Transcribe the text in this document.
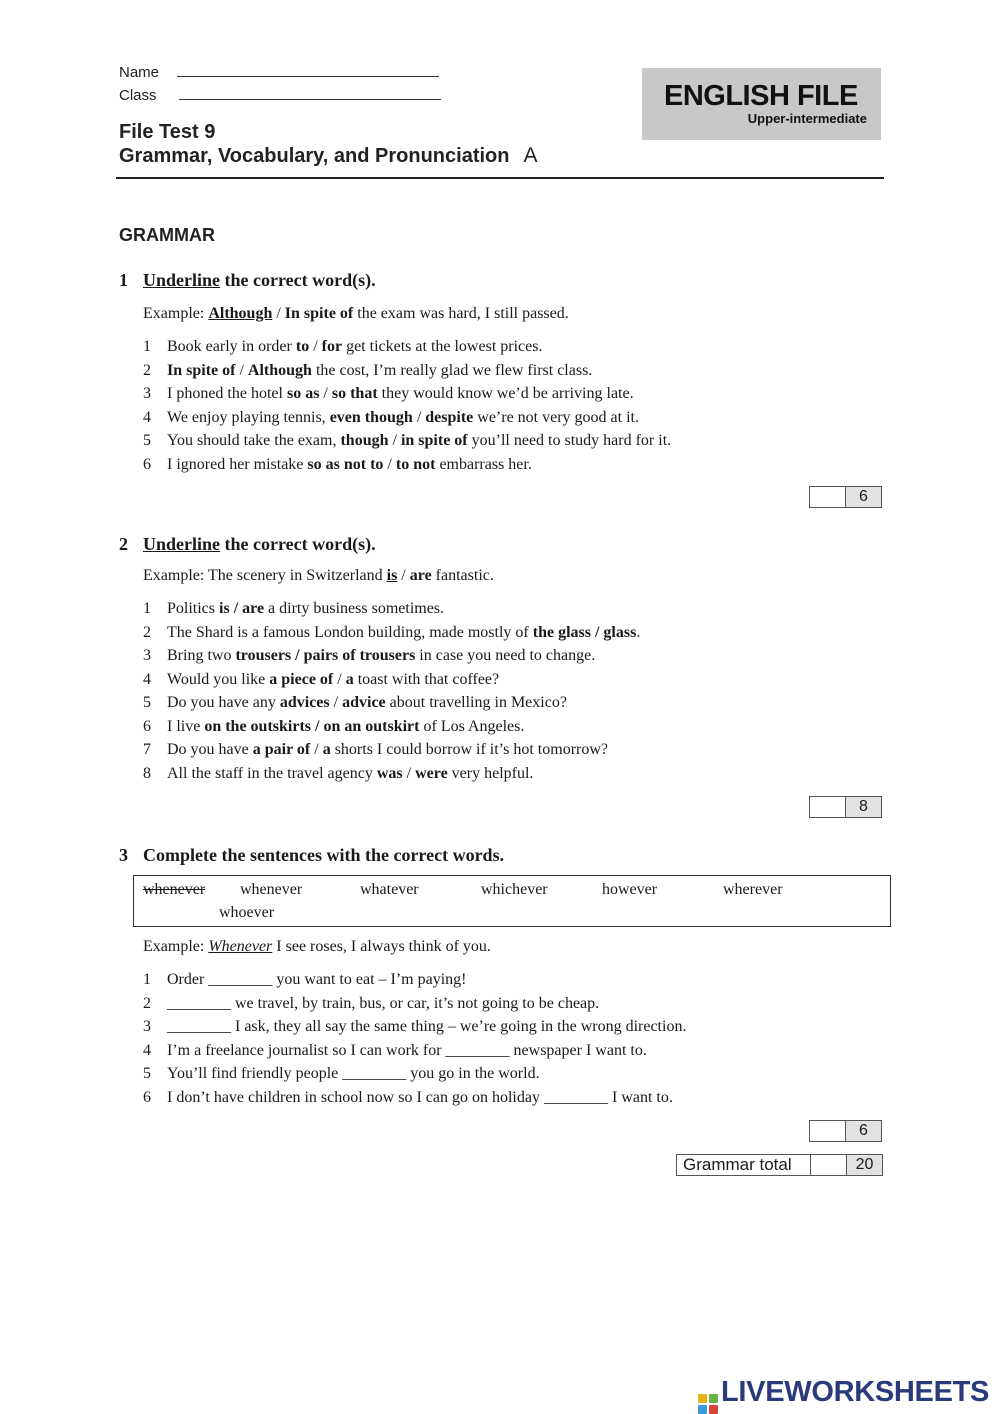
Name
Class
File Test 9
Grammar, Vocabulary, and Pronunciation A
ENGLISH FILE
Upper-intermediate
GRAMMAR
1 Underline the correct word(s).
Example: Although / In spite of the exam was hard, I still passed.
1 Book early in order to / for get tickets at the lowest prices.
2 In spite of / Although the cost, I’m really glad we flew first class.
3 I phoned the hotel so as / so that they would know we’d be arriving late.
4 We enjoy playing tennis, even though / despite we’re not very good at it.
5 You should take the exam, though / in spite of you’ll need to study hard for it.
6 I ignored her mistake so as not to / to not embarrass her.
6
2 Underline the correct word(s).
Example: The scenery in Switzerland is / are fantastic.
1 Politics is / are a dirty business sometimes.
2 The Shard is a famous London building, made mostly of the glass / glass.
3 Bring two trousers / pairs of trousers in case you need to change.
4 Would you like a piece of / a toast with that coffee?
5 Do you have any advices / advice about travelling in Mexico?
6 I live on the outskirts / on an outskirt of Los Angeles.
7 Do you have a pair of / a shorts I could borrow if it’s hot tomorrow?
8 All the staff in the travel agency was / were very helpful.
8
3 Complete the sentences with the correct words.
whenever whenever	whatever	whichever	however	wherever
whoever
Example: Whenever I see roses, I always think of you.
1 Order ________ you want to eat – I’m paying!
2 ________ we travel, by train, bus, or car, it’s not going to be cheap.
3 ________ I ask, they all say the same thing – we’re going in the wrong direction.
4 I’m a freelance journalist so I can work for ________ newspaper I want to.
5 You’ll find friendly people ________ you go in the world.
6 I don’t have children in school now so I can go on holiday ________ I want to.
6
Grammar total	20
LIVEWORKSHEETS
